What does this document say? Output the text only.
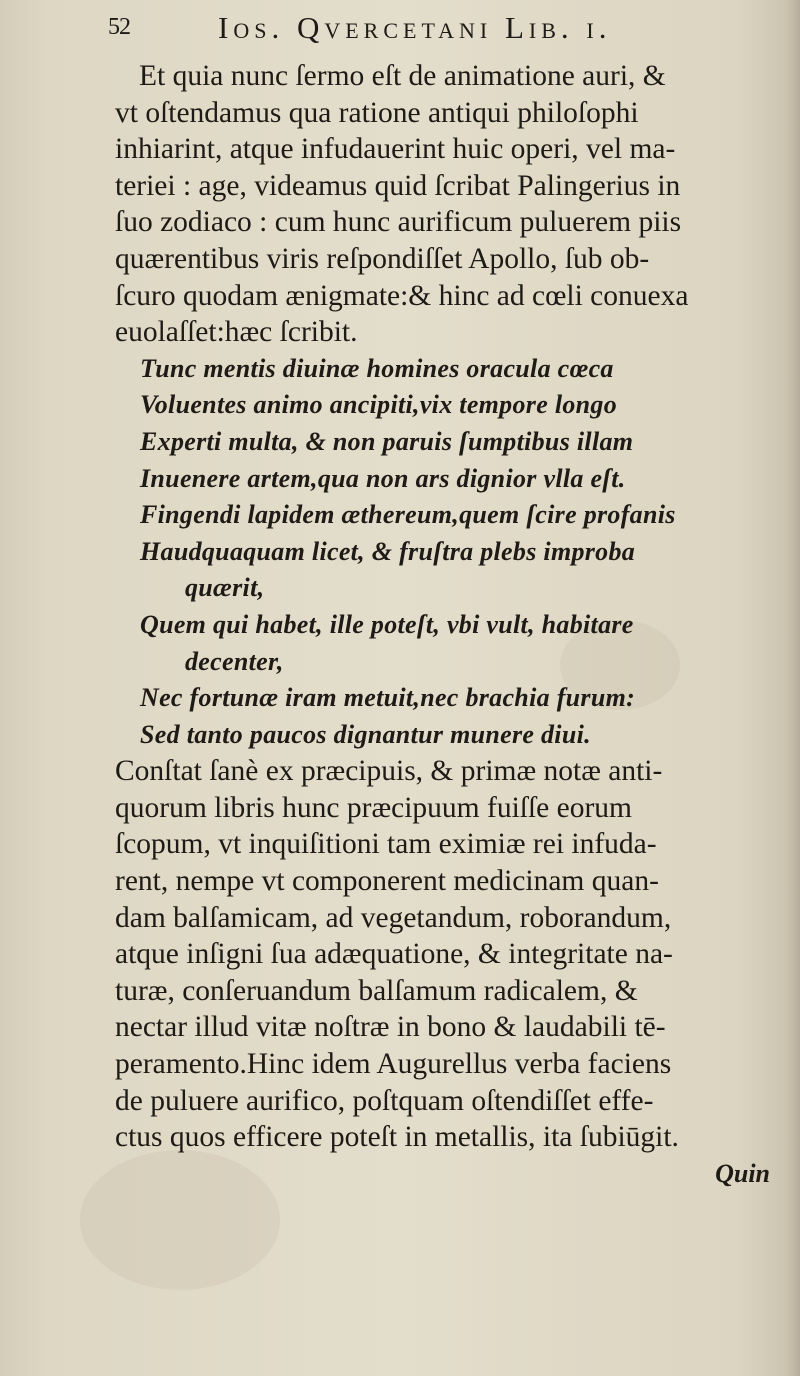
52	Ios. Qvercetani Lib. i.
Et quia nunc ſermo eſt de animatione auri, &
vt oſtendamus qua ratione antiqui philoſophi
inhiarint, atque infudauerint huic operi, vel ma-
teriei : age, videamus quid ſcribat Palingerius in
ſuo zodiaco : cum hunc aurificum puluerem piis
quærentibus viris reſpondiſſet Apollo, ſub ob-
ſcuro quodam ænigmate:& hinc ad cœli conuexa
euolaſſet:hæc ſcribit.
Tunc mentis diuinæ homines oracula cœca
Voluentes animo ancipiti,vix tempore longo
Experti multa, & non paruis ſumptibus illam
Inuenere artem,qua non ars dignior vlla eſt.
Fingendi lapidem æthereum,quem ſcire profanis
Haudquaquam licet, & fruſtra plebs improba
quærit,
Quem qui habet, ille poteſt, vbi vult, habitare
decenter,
Nec fortunæ iram metuit,nec brachia furum:
Sed tanto paucos dignantur munere diui.
Conſtat ſanè ex præcipuis, & primæ notæ anti-
quorum libris hunc præcipuum fuiſſe eorum
ſcopum, vt inquiſitioni tam eximiæ rei infuda-
rent, nempe vt componerent medicinam quan-
dam balſamicam, ad vegetandum, roborandum,
atque inſigni ſua adæquatione, & integritate na-
turæ, conſeruandum balſamum radicalem, &
nectar illud vitæ noſtræ in bono & laudabili tē-
peramento.Hinc idem Augurellus verba faciens
de puluere aurifico, poſtquam oſtendiſſet effe-
ctus quos efficere poteſt in metallis, ita ſubiūgit.
Quin
